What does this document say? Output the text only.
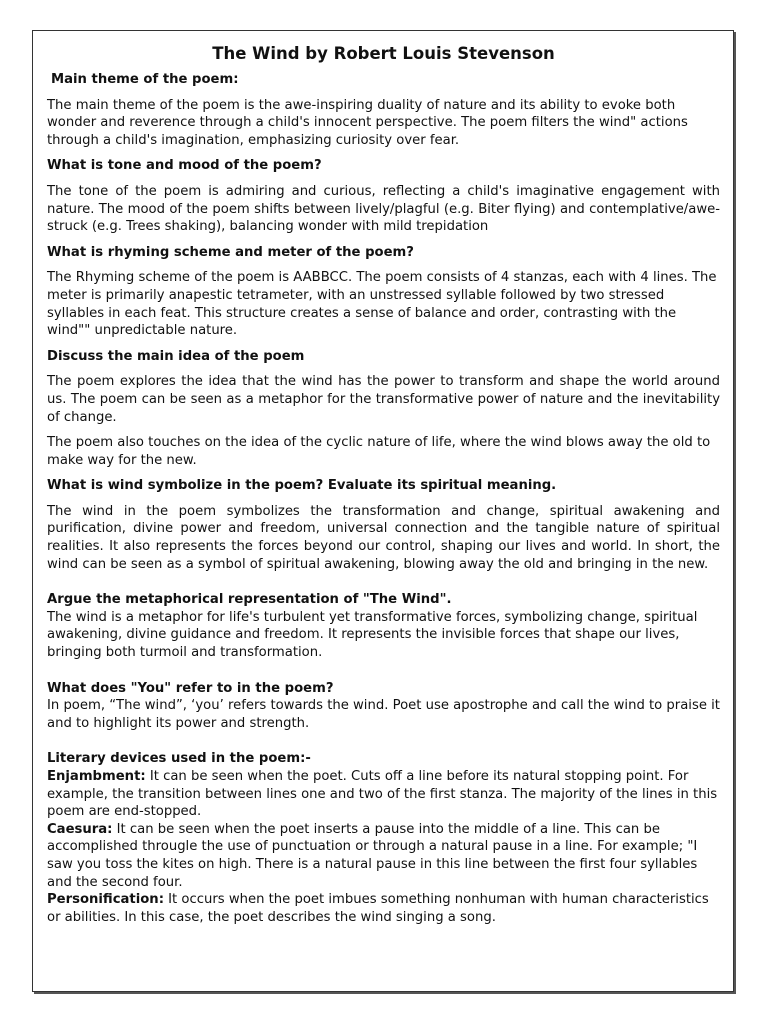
The Wind by Robert Louis Stevenson
Main theme of the poem:

The main theme of the poem is the awe-inspiring duality of nature and its ability to evoke both wonder and reverence through a child's innocent perspective. The poem filters the wind" actions through a child's imagination, emphasizing curiosity over fear.

What is tone and mood of the poem?

The tone of the poem is admiring and curious, reflecting a child's imaginative engagement with nature. The mood of the poem shifts between lively/plagful (e.g. Biter flying) and contemplative/awe-struck (e.g. Trees shaking), balancing wonder with mild trepidation

What is rhyming scheme and meter of the poem?

The Rhyming scheme of the poem is AABBCC. The poem consists of 4 stanzas, each with 4 lines. The meter is primarily anapestic tetrameter, with an unstressed syllable followed by two stressed syllables in each feat. This structure creates a sense of balance and order, contrasting with the wind"" unpredictable nature.

Discuss the main idea of the poem

The poem explores the idea that the wind has the power to transform and shape the world around us. The poem can be seen as a metaphor for the transformative power of nature and the inevitability of change.

The poem also touches on the idea of the cyclic nature of life, where the wind blows away the old to make way for the new.

What is wind symbolize in the poem? Evaluate its spiritual meaning.

The wind in the poem symbolizes the transformation and change, spiritual awakening and purification, divine power and freedom, universal connection and the tangible nature of spiritual realities. It also represents the forces beyond our control, shaping our lives and world. In short, the wind can be seen as a symbol of spiritual awakening, blowing away the old and bringing in the new.

Argue the metaphorical representation of "The Wind".

The wind is a metaphor for life's turbulent yet transformative forces, symbolizing change, spiritual awakening, divine guidance and freedom. It represents the invisible forces that shape our lives, bringing both turmoil and transformation.

What does "You" refer to in the poem?

In poem, “The wind”, ‘you’ refers towards the wind. Poet use apostrophe and call the wind to praise it and to highlight its power and strength.

Literary devices used in the poem:-

Enjambment: It can be seen when the poet. Cuts off a line before its natural stopping point. For example, the transition between lines one and two of the first stanza. The majority of the lines in this poem are end-stopped.

Caesura: It can be seen when the poet inserts a pause into the middle of a line. This can be accomplished througle the use of punctuation or through a natural pause in a line. For example; "I saw you toss the kites on high. There is a natural pause in this line between the first four syllables and the second four.

Personification: It occurs when the poet imbues something nonhuman with human characteristics or abilities. In this case, the poet describes the wind singing a song.
